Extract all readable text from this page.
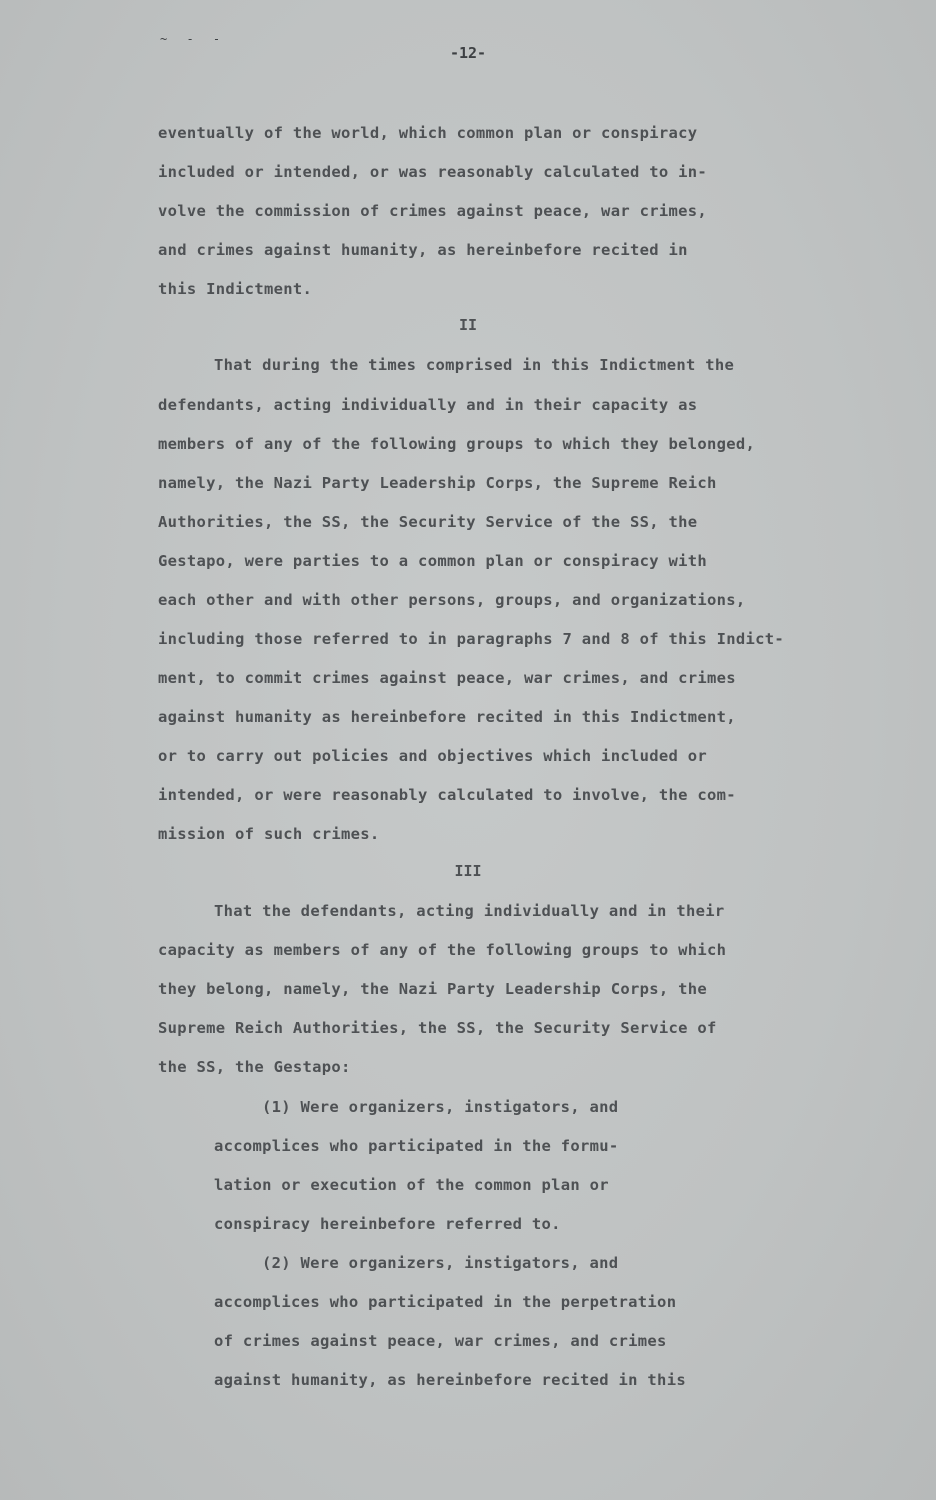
~ - -
-12-
eventually of the world, which common plan or conspiracy
included or intended, or was reasonably calculated to in-
volve the commission of crimes against peace, war crimes,
and crimes against humanity, as hereinbefore recited in
this Indictment.
II
That during the times comprised in this Indictment the
defendants, acting individually and in their capacity as
members of any of the following groups to which they belonged,
namely, the Nazi Party Leadership Corps, the Supreme Reich
Authorities, the SS, the Security Service of the SS, the
Gestapo, were parties to a common plan or conspiracy with
each other and with other persons, groups, and organizations,
including those referred to in paragraphs 7 and 8 of this Indict-
ment, to commit crimes against peace, war crimes, and crimes
against humanity as hereinbefore recited in this Indictment,
or to carry out policies and objectives which included or
intended, or were reasonably calculated to involve, the com-
mission of such crimes.
III
That the defendants, acting individually and in their
capacity as members of any of the following groups to which
they belong, namely, the Nazi Party Leadership Corps, the
Supreme Reich Authorities, the SS, the Security Service of
the SS, the Gestapo:
(1) Were organizers, instigators, and
accomplices who participated in the formu-
lation or execution of the common plan or
conspiracy hereinbefore referred to.
(2) Were organizers, instigators, and
accomplices who participated in the perpetration
of crimes against peace, war crimes, and crimes
against humanity, as hereinbefore recited in this
